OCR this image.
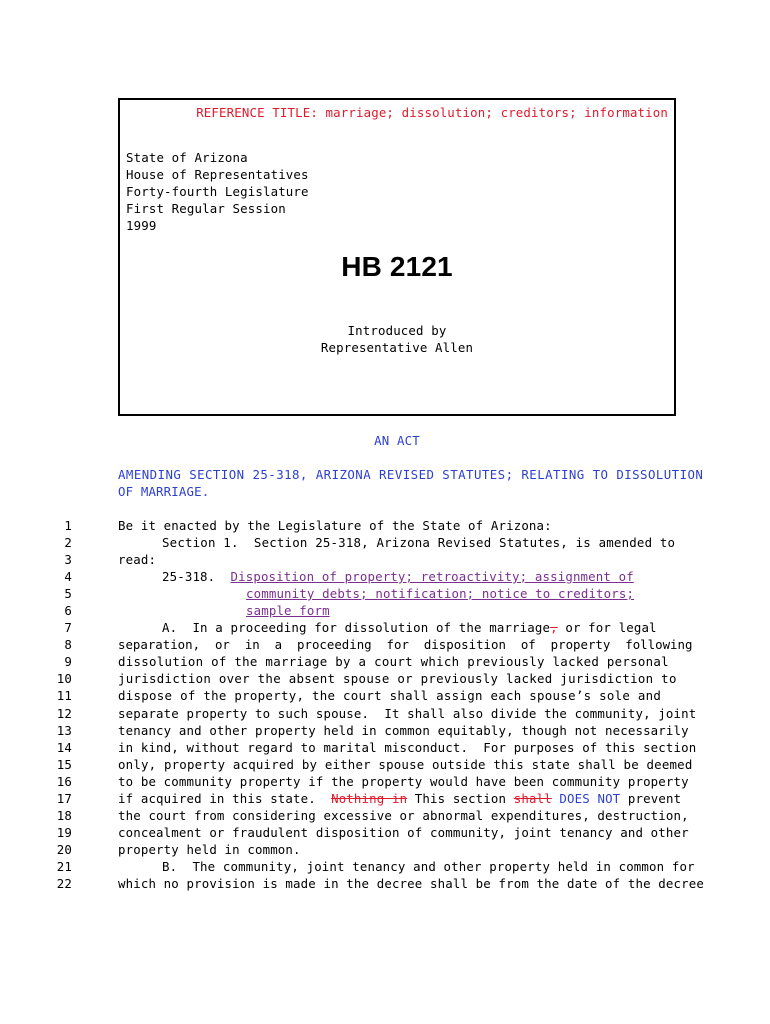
REFERENCE TITLE: marriage; dissolution; creditors; information
State of Arizona
House of Representatives
Forty-fourth Legislature
First Regular Session
1999
HB 2121
Introduced by
Representative Allen
AN ACT
AMENDING SECTION 25-318, ARIZONA REVISED STATUTES; RELATING TO DISSOLUTION
OF MARRIAGE.
1	Be it enacted by the Legislature of the State of Arizona:
2	Section 1.  Section 25-318, Arizona Revised Statutes, is amended to
3	read:
4	25-318.  Disposition of property; retroactivity; assignment of
5	community debts; notification; notice to creditors;
6	sample form
7	A.  In a proceeding for dissolution of the marriage, or for legal
8	separation,  or  in  a  proceeding  for  disposition  of  property  following
9	dissolution of the marriage by a court which previously lacked personal
10	jurisdiction over the absent spouse or previously lacked jurisdiction to
11	dispose of the property, the court shall assign each spouse’s sole and
12	separate property to such spouse.  It shall also divide the community, joint
13	tenancy and other property held in common equitably, though not necessarily
14	in kind, without regard to marital misconduct.  For purposes of this section
15	only, property acquired by either spouse outside this state shall be deemed
16	to be community property if the property would have been community property
17	if acquired in this state.  Nothing in This section shall DOES NOT prevent
18	the court from considering excessive or abnormal expenditures, destruction,
19	concealment or fraudulent disposition of community, joint tenancy and other
20	property held in common.
21	B.  The community, joint tenancy and other property held in common for
22	which no provision is made in the decree shall be from the date of the decree
